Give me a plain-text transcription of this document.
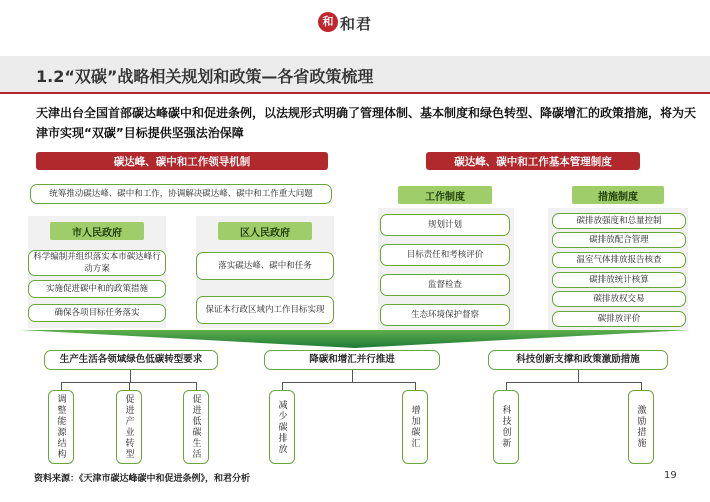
和 和君
1.2“双碳”战略相关规划和政策—各省政策梳理
天津出台全国首部碳达峰碳中和促进条例，以法规形式明确了管理体制、基本制度和绿色转型、降碳增汇的政策措施，将为天津市实现“双碳”目标提供坚强法治保障
碳达峰、碳中和工作领导机制
统筹推动碳达峰、碳中和工作，协调解决碳达峰、碳中和工作重大问题
市人民政府
科学编制并组织落实本市碳达峰行动方案
实施促进碳中和的政策措施
确保各项目标任务落实
区人民政府
落实碳达峰、碳中和任务
保证本行政区域内工作目标实现
碳达峰、碳中和工作基本管理制度
工作制度
规划计划
目标责任和考核评价
监督检查
生态环境保护督察
措施制度
碳排放强度和总量控制
碳排放配合管理
温室气体排放报告核查
碳排放统计核算
碳排放权交易
碳排放评价
生产生活各领域绿色低碳转型要求
调整能源结构	促进产业转型	促进低碳生活
降碳和增汇并行推进
减少碳排放	增加碳汇
科技创新支撑和政策激励措施
科技创新	激励措施
资料来源：《天津市碳达峰碳中和促进条例》，和君分析	19
